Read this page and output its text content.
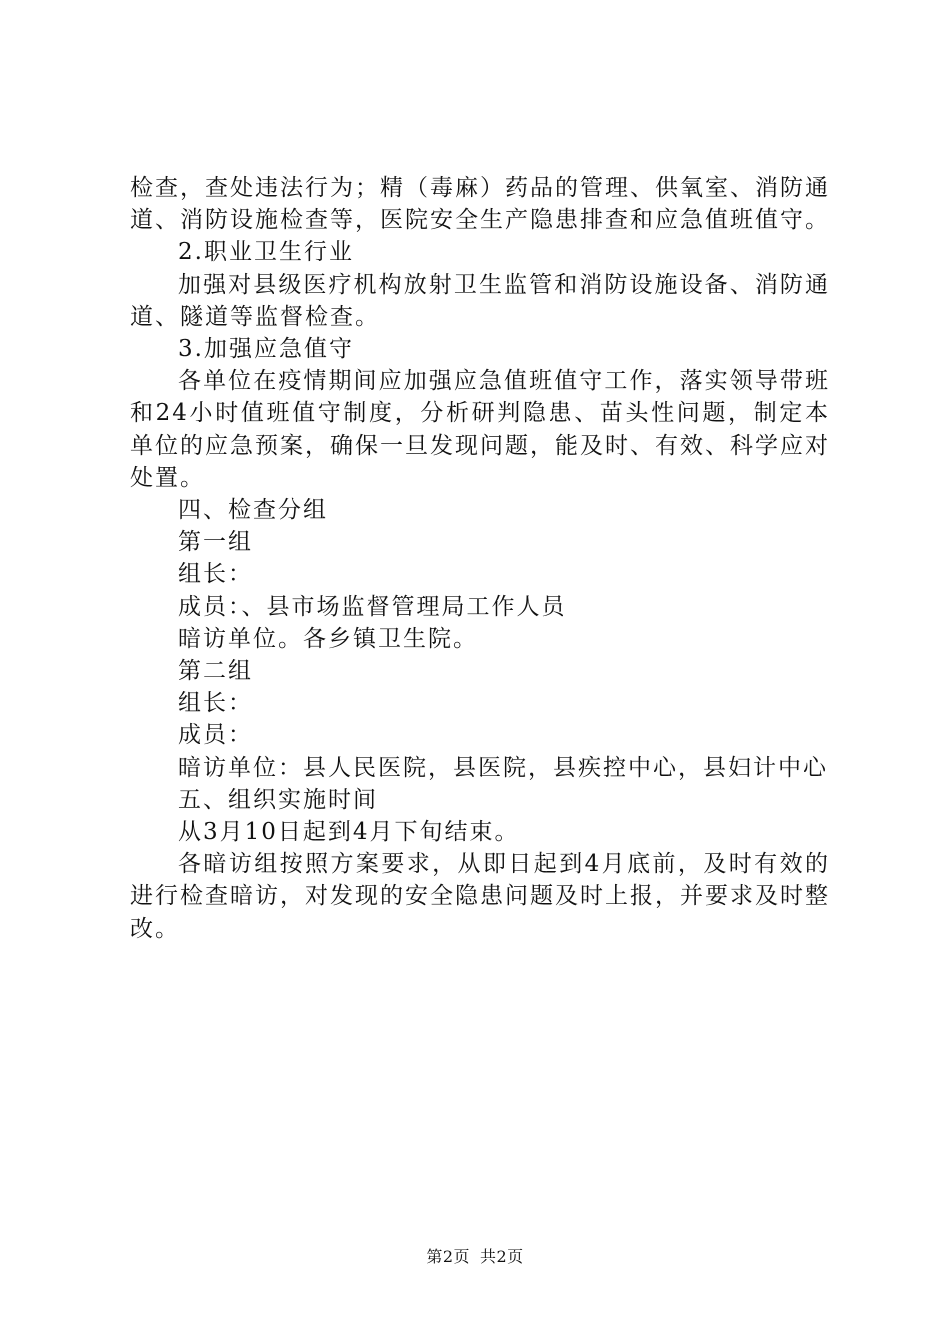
检查，查处违法行为；精（毒麻）药品的管理、供氧室、消防通道、消防设施检查等，医院安全生产隐患排查和应急值班值守。

2.职业卫生行业

加强对县级医疗机构放射卫生监管和消防设施设备、消防通道、隧道等监督检查。

3.加强应急值守

各单位在疫情期间应加强应急值班值守工作，落实领导带班和24小时值班值守制度，分析研判隐患、苗头性问题，制定本单位的应急预案，确保一旦发现问题，能及时、有效、科学应对处置。

四、检查分组

第一组

组长：

成员：、县市场监督管理局工作人员

暗访单位。各乡镇卫生院。

第二组

组长：

成员：

暗访单位：县人民医院，县医院，县疾控中心，县妇计中心

五、组织实施时间

从3月10日起到4月下旬结束。

各暗访组按照方案要求，从即日起到4月底前，及时有效的进行检查暗访，对发现的安全隐患问题及时上报，并要求及时整改。

第2页 共2页
